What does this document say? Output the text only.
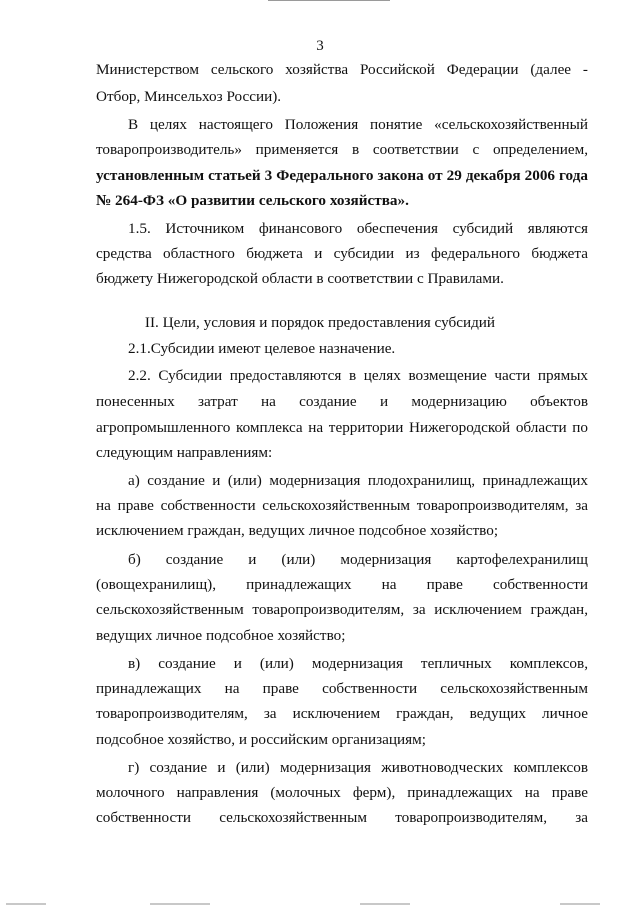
3
Министерством сельского хозяйства Российской Федерации (далее -
Отбор, Минсельхоз России).
В целях настоящего Положения понятие «сельскохозяйственный
товаропроизводитель» применяется в соответствии с определением,
установленным статьей 3 Федерального закона от 29 декабря 2006 года
№ 264-ФЗ «О развитии сельского хозяйства».
1.5. Источником финансового обеспечения субсидий являются
средства областного бюджета и субсидии из федерального бюджета
бюджету Нижегородской области в соответствии с Правилами.
II. Цели, условия и порядок предоставления субсидий
2.1.Субсидии имеют целевое назначение.
2.2. Субсидии предоставляются в целях возмещение части прямых
понесенных затрат на создание и модернизацию объектов
агропромышленного комплекса на территории Нижегородской области по
следующим направлениям:
а) создание и (или) модернизация плодохранилищ, принадлежащих
на праве собственности сельскохозяйственным товаропроизводителям, за
исключением граждан, ведущих личное подсобное хозяйство;
б) создание и (или) модернизация картофелехранилищ
(овощехранилищ), принадлежащих на праве собственности
сельскохозяйственным товаропроизводителям, за исключением граждан,
ведущих личное подсобное хозяйство;
в) создание и (или) модернизация тепличных комплексов,
принадлежащих на праве собственности сельскохозяйственным
товаропроизводителям, за исключением граждан, ведущих личное
подсобное хозяйство, и российским организациям;
г) создание и (или) модернизация животноводческих комплексов
молочного направления (молочных ферм), принадлежащих на праве
собственности сельскохозяйственным товаропроизводителям, за
